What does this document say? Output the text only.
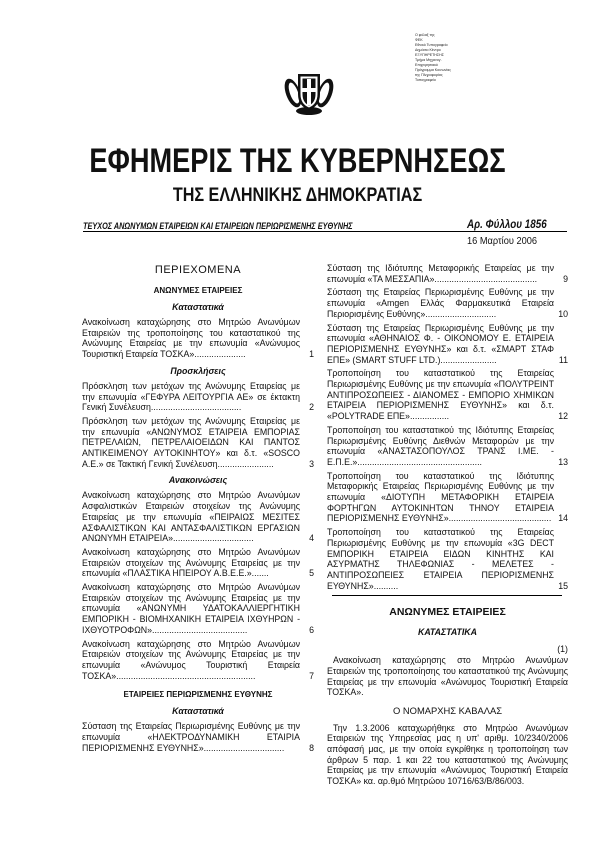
Ο φύλαξ της
ΦΕΚ
Εθνικό Τυπογραφείο
Δημόσιο Κέντρο
ΕΞΥΠΗΡΕΤΗΣΗΣ
Τμήμα Μηχανογ.
Επιχειρησιακό
Πρόγραμμα Κοινωνίας
της Πληροφορίας
Τυπογραφείο
ΕΦΗΜΕΡΙΣ ΤΗΣ ΚΥΒΕΡΝΗΣΕΩΣ
ΤΗΣ ΕΛΛΗΝΙΚΗΣ ΔΗΜΟΚΡΑΤΙΑΣ
ΤΕΥΧΟΣ ΑΝΩΝΥΜΩΝ ΕΤΑΙΡΕΙΩΝ ΚΑΙ ΕΤΑΙΡΕΙΩΝ ΠΕΡΙΩΡΙΣΜΕΝΗΣ ΕΥΘΥΝΗΣ	Αρ. Φύλλου 1856
16 Μαρτίου 2006
ΠΕΡΙΕΧΟΜΕΝΑ
ΑΝΩΝΥΜΕΣ ΕΤΑΙΡΕΙΕΣ
Καταστατικά
Ανακοίνωση καταχώρησης στο Μητρώο Ανωνύμων Εταιρειών της τροποποίησης του καταστατικού της Ανώνυμης Εταιρείας με την επωνυμία «Ανώνυμος Τουριστική Εταιρεία ΤΟΣΚΑ».....................	1
Προσκλήσεις
Πρόσκληση των μετόχων της Ανώνυμης Εταιρείας με την επωνυμία «ΓΕΦΥΡΑ ΛΕΙΤΟΥΡΓΙΑ ΑΕ» σε έκτακτη Γενική Συνέλευση.....................................	2
Πρόσκληση των μετόχων της Ανώνυμης Εταιρείας με την επωνυμία «ΑΝΩΝΥΜΟΣ ΕΤΑΙΡΕΙΑ ΕΜΠΟΡΙΑΣ ΠΕΤΡΕΛΑΙΩΝ, ΠΕΤΡΕΛΑΙΟΕΙΔΩΝ ΚΑΙ ΠΑΝΤΟΣ ΑΝΤΙΚΕΙΜΕΝΟΥ ΑΥΤΟΚΙΝΗΤΟΥ» και δ.τ. «SOSCO Α.Ε.» σε Τακτική Γενική Συνέλευση.......................	3
Ανακοινώσεις
Ανακοίνωση καταχώρησης στο Μητρώο Ανωνύμων Ασφαλιστικών Εταιρειών στοιχείων της Ανώνυμης Εταιρείας με την επωνυμία «ΠΕΙΡΑΙΩΣ ΜΕΣΙΤΕΣ ΑΣΦΑΛΙΣΤΙΚΩΝ ΚΑΙ ΑΝΤΑΣΦΑΛΙΣΤΙΚΩΝ ΕΡΓΑΣΙΩΝ ΑΝΩΝΥΜΗ ΕΤΑΙΡΕΙΑ».................................	4
Ανακοίνωση καταχώρησης στο Μητρώο Ανωνύμων Εταιρειών στοιχείων της Ανώνυμης Εταιρείας με την επωνυμία «ΠΛΑΣΤΙΚΑ ΗΠΕΙΡΟΥ Α.Β.Ε.Ε.».......	5
Ανακοίνωση καταχώρησης στο Μητρώο Ανωνύμων Εταιρειών στοιχείων της Ανώνυμης Εταιρείας με την επωνυμία «ΑΝΩΝΥΜΗ ΥΔΑΤΟΚΑΛΛΙΕΡΓΗΤΙΚΗ ΕΜΠΟΡΙΚΗ - ΒΙΟΜΗΧΑΝΙΚΗ ΕΤΑΙΡΕΙΑ ΙΧΘΥΗΡΩΝ - ΙΧΘΥΟΤΡΟΦΩΝ».......................................	6
Ανακοίνωση καταχώρησης στο Μητρώο Ανωνύμων Εταιρειών στοιχείων της Ανώνυμης Εταιρείας με την επωνυμία «Ανώνυμος Τουριστική Εταιρεία ΤΟΣΚΑ».........................................................	7
ΕΤΑΙΡΕΙΕΣ ΠΕΡΙΩΡΙΣΜΕΝΗΣ ΕΥΘΥΝΗΣ
Καταστατικά
Σύσταση της Εταιρείας Περιωρισμένης Ευθύνης με την επωνυμία «ΗΛΕΚΤΡΟΔΥΝΑΜΙΚΗ ΕΤΑΙΡΙΑ ΠΕΡΙΟΡΙΣΜΕΝΗΣ ΕΥΘΥΝΗΣ».................................	8
Σύσταση της Ιδιότυπης Μεταφορικής Εταιρείας με την επωνυμία «ΤΑ ΜΕΣΣΑΠΙΑ»..........................................	9
Σύσταση της Εταιρείας Περιωρισμένης Ευθύνης με την επωνυμία «Amgen Ελλάς Φαρμακευτικά Εταιρεία Περιορισμένης Ευθύνης».............................	10
Σύσταση της Εταιρείας Περιωρισμένης Ευθύνης με την επωνυμία «ΑΘΗΝΑΙΟΣ Φ. - ΟΙΚΟΝΟΜΟΥ Ε. ΕΤΑΙΡΕΙΑ ΠΕΡΙΟΡΙΣΜΕΝΗΣ ΕΥΘΥΝΗΣ» και δ.τ. «ΣΜΑΡΤ ΣΤΑΦ ΕΠΕ» (SMART STUFF LTD.).......................	11
Τροποποίηση του καταστατικού της Εταιρείας Περιωρισμένης Ευθύνης με την επωνυμία «ΠΟΛΥΤΡΕΙΝΤ ΑΝΤΙΠΡΟΣΩΠΕΙΕΣ - ΔΙΑΝΟΜΕΣ - ΕΜΠΟΡΙΟ ΧΗΜΙΚΩΝ ΕΤΑΙΡΕΙΑ ΠΕΡΙΟΡΙΣΜΕΝΗΣ ΕΥΘΥΝΗΣ» και δ.τ. «POLYTRADE ΕΠΕ»................	12
Τροποποίηση του καταστατικού της Ιδιότυπης Εταιρείας Περιωρισμένης Ευθύνης Διεθνών Μεταφορών με την επωνυμία «ΑΝΑΣΤΑΣΟΠΟΥΛΟΣ ΤΡΑΝΣ Ι.ΜΕ. - Ε.Π.Ε.»...................................................	13
Τροποποίηση του καταστατικού της Ιδιότυπης Μεταφορικής Εταιρείας Περιωρισμένης Ευθύνης με την επωνυμία «ΔΙΟΤΥΠΗ ΜΕΤΑΦΟΡΙΚΗ ΕΤΑΙΡΕΙΑ ΦΟΡΤΗΓΩΝ ΑΥΤΟΚΙΝΗΤΩΝ ΤΗΝΟΥ ΕΤΑΙΡΕΙΑ ΠΕΡΙΟΡΙΣΜΕΝΗΣ ΕΥΘΥΝΗΣ».......................................... 14
Τροποποίηση του καταστατικού της Εταιρείας Περιωρισμένης Ευθύνης με την επωνυμία «3G DECT ΕΜΠΟΡΙΚΗ ΕΤΑΙΡΕΙΑ ΕΙΔΩΝ ΚΙΝΗΤΗΣ ΚΑΙ ΑΣΥΡΜΑΤΗΣ ΤΗΛΕΦΩΝΙΑΣ - ΜΕΛΕΤΕΣ - ΑΝΤΙΠΡΟΣΩΠΕΙΕΣ ΕΤΑΙΡΕΙΑ ΠΕΡΙΟΡΙΣΜΕΝΗΣ ΕΥΘΥΝΗΣ»..........	15
ΑΝΩΝΥΜΕΣ ΕΤΑΙΡΕΙΕΣ
ΚΑΤΑΣΤΑΤΙΚΑ
(1)
Ανακοίνωση καταχώρησης στο Μητρώο Ανωνύμων Εταιρειών της τροποποίησης του καταστατικού της Ανώνυμης Εταιρείας με την επωνυμία «Ανώνυμος Τουριστική Εταιρεία ΤΟΣΚΑ».
Ο ΝΟΜΑΡΧΗΣ ΚΑΒΑΛΑΣ
Την 1.3.2006 καταχωρήθηκε στο Μητρώο Ανωνύμων Εταιρειών της Υπηρεσίας μας η υπ' αριθμ. 10/2340/2006 απόφασή μας, με την οποία εγκρίθηκε η τροποποίηση των άρθρων 5 παρ. 1 και 22 του καταστατικού της Ανώνυμης Εταιρείας με την επωνυμία «Ανώνυμος Τουριστική Εταιρεία ΤΟΣΚΑ» κα. αρ.θμό Μητρώου 10716/63/Β/86/003.
